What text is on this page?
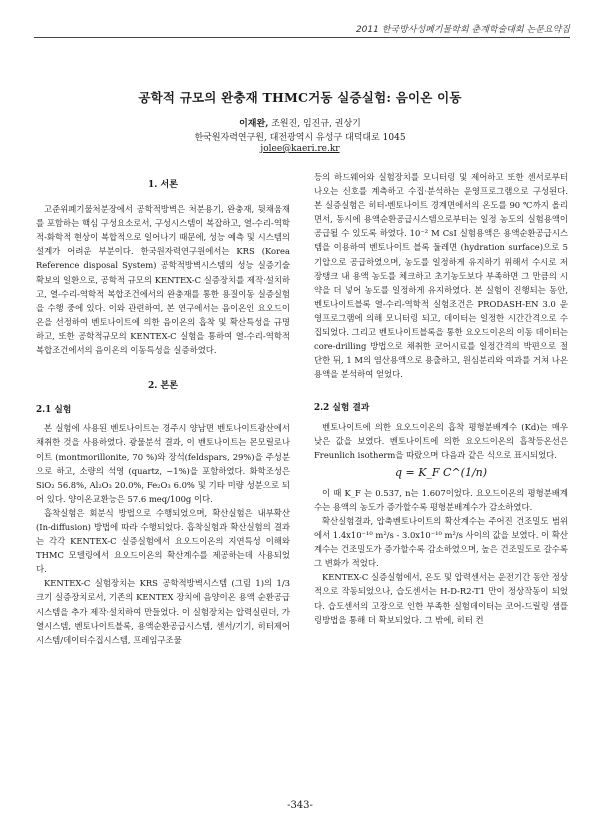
2011 한국방사성폐기물학회 춘계학술대회 논문요약집
공학적 규모의 완충재 THMC거동 실증실험: 음이온 이동
이재완, 조원진, 임진규, 권상기
한국원자력연구원, 대전광역시 유성구 대덕대로 1045
jolee@kaeri.re.kr
1. 서론

고준위폐기물처분장에서 공학적방벽은 처분용기, 완충재, 뒷채움재를 포함하는 핵심 구성요소로서, 구성시스템이 복잡하고, 열-수리-역학적-화학적 현상이 복합적으로 일어나기 때문에, 성능 예측 및 시스템의 설계가 어려운 부분이다. 한국원자력연구원에서는 KRS (Korea Reference disposal System) 공학적방벽시스템의 성능 실증기술 확보의 일환으로, 공학적 규모의 KENTEX-C 실증장치를 제작·설치하고, 열-수리-역학적 복합조건에서의 완충재를 통한 용질이동 실증실험을 수행 중에 있다. 이와 관련하여, 본 연구에서는 음이온인 요오드이온을 선정하여 벤토나이트에 의한 음이온의 흡착 및 확산특성을 규명하고, 또한 공학적규모의 KENTEX-C 실험을 통하여 열-수리-역학적 복합조건에서의 음이온의 이동특성을 실증하였다.

2. 본론
2.1 실험

본 실험에 사용된 벤토나이트는 경주시 양남면 벤토나이트광산에서 채취한 것을 사용하였다. 광물분석 결과, 이 벤토나이트는 몬모릴로나이트 (montmorillonite, 70 %)와 장석(feldspars, 29%)을 주성분으로 하고, 소량의 석영 (quartz, ~1%)을 포함하였다. 화학조성은 SiO₂ 56.8%, Al₂O₃ 20.0%, Fe₂O₃ 6.0% 및 기타 미량 성분으로 되어 있다. 양이온교환능은 57.6 meq/100g 이다.

흡착실험은 회분식 방법으로 수행되었으며, 확산실험은 내부확산(In-diffusion) 방법에 따라 수행되었다. 흡착실험과 확산실험의 결과는 각각 KENTEX-C 실증실험에서 요오드이온의 지연특성 이해와 THMC 모델링에서 요오드이온의 확산계수를 제공하는데 사용되었다.

KENTEX-C 실험장치는 KRS 공학적방벽시스템 (그림 1)의 1/3 크기 실증장치로서, 기존의 KENTEX 장치에 음양이온 용액 순환공급시스템을 추가 제작·설치하여 만들었다. 이 실험장치는 압력실린더, 가열시스템, 벤토나이트블록, 용액순환공급시스템, 센서/기기, 히터제어시스템/데이터수집시스템, 프레임구조물

등의 하드웨어와 실험장치를 모니터링 및 제어하고 또한 센서로부터 나오는 신호를 계측하고 수집·분석하는 운영프로그램으로 구성된다. 본 실증실험은 히터-벤토나이트 경계면에서의 온도를 90 ℃까지 올리면서, 동시에 용액순환공급시스템으로부터는 일정 농도의 실험용액이 공급될 수 있도록 하였다. 10⁻² M CsI 실험용액은 용액순환공급시스템을 이용하여 벤토나이트 블록 둘레면 (hydration surface)으로 5기압으로 공급하였으며, 농도를 일정하게 유지하기 위해서 수시로 저장탱크 내 용액 농도를 체크하고 초기농도보다 부족하면 그 만큼의 시약을 더 넣어 농도를 일정하게 유지하였다. 본 실험이 진행되는 동안, 벤토나이트블록 열-수리-역학적 실험조건은 PRODASH-EN 3.0 운영프로그램에 의해 모니터링 되고, 데이터는 일정한 시간간격으로 수집되었다. 그리고 벤토나이트블록을 통한 요오드이온의 이동 데이터는 core-drilling 방법으로 채취한 코어시료를 일정간격의 박편으로 절단한 뒤, 1 M의 염산용액으로 용출하고, 원심분리와 여과를 거쳐 나온 용액을 분석하여 얻었다.

2.2 실험 결과

벤토나이트에 의한 요오드이온의 흡착 평형분배계수 (Kd)는 매우 낮은 값을 보였다. 벤토나이트에 의한 요오드이온의 흡착등온선은 Freunlich isotherm을 따랐으며 다음과 같은 식으로 표시되었다.

q = K_F C^(1/n)

이 때 K_F 는 0.537, n는 1.607이었다. 요오드이온의 평형분배계수는 용액의 농도가 증가할수록 평형분배계수가 감소하였다.

확산실험결과, 압축벤토나이트의 확산계수는 주어진 건조밀도 범위에서 1.4x10⁻¹⁰ m²/s - 3.0x10⁻¹⁰ m²/s 사이의 값을 보였다. 이 확산계수는 건조밀도가 증가할수록 감소하였으며, 높은 건조밀도로 갈수록 그 변화가 적었다.

KENTEX-C 실증실험에서, 온도 및 압력센서는 운전기간 동안 정상적으로 작동되었으나, 습도센서는 H-D-R2-T1 만이 정상작동이 되었다. 습도센서의 고장으로 인한 부족한 실험데이터는 코어-드릴링 샘플링방법을 통해 더 확보되었다. 그 밖에, 히터 컨

-343-
